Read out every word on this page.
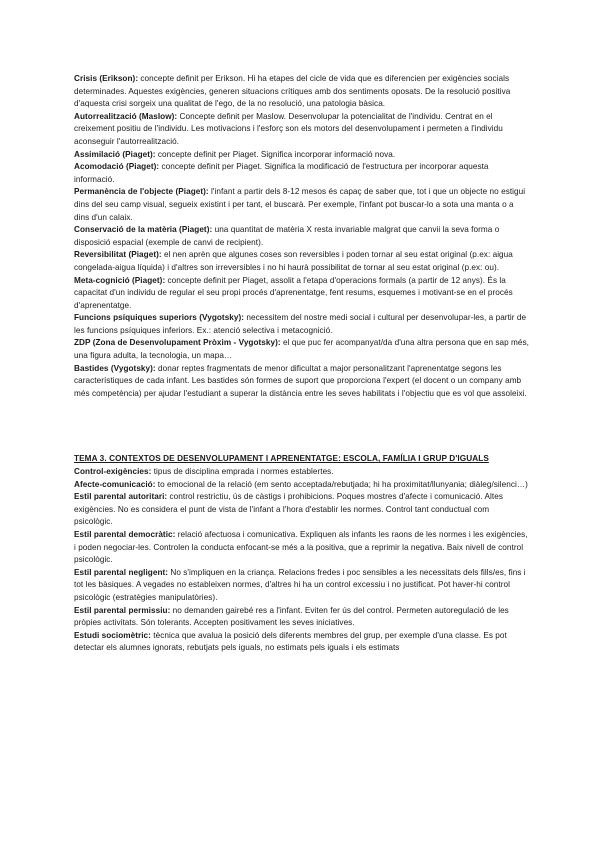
Crisis (Erikson): concepte definit per Erikson. Hi ha etapes del cicle de vida que es diferencien per exigències socials determinades. Aquestes exigències, generen situacions crítiques amb dos sentiments oposats. De la resolució positiva d'aquesta crisi sorgeix una qualitat de l'ego, de la no resolució, una patologia bàsica.

Autorrealització (Maslow): Concepte definit per Maslow. Desenvolupar la potencialitat de l'individu. Centrat en el creixement positiu de l'individu. Les motivacions i l'esforç son els motors del desenvolupament i permeten a l'individu aconseguir l'autorrealització.

Assimilació (Piaget): concepte definit per Piaget. Significa incorporar informació nova.

Acomodació (Piaget): concepte definit per Piaget. Significa la modificació de l'estructura per incorporar aquesta informació.

Permanència de l'objecte (Piaget): l'infant a partir dels 8-12 mesos és capaç de saber que, tot i que un objecte no estigui dins del seu camp visual, segueix existint i per tant, el buscarà. Per exemple, l'infant pot buscar-lo a sota una manta o a dins d'un calaix.

Conservació de la matèria (Piaget): una quantitat de matèria X resta invariable malgrat que canvii la seva forma o disposició espacial (exemple de canvi de recipient).

Reversibilitat (Piaget): el nen aprèn que algunes coses son reversibles i poden tornar al seu estat original (p.ex: aigua congelada-aigua líquida) i d'altres son irreversibles i no hi haurà possibilitat de tornar al seu estat original (p.ex: ou).

Meta-cognició (Piaget): concepte definit per Piaget, assolit a l'etapa d'operacions formals (a partir de 12 anys). És la capacitat d'un individu de regular el seu propi procés d'aprenentatge, fent resums, esquemes i motivant-se en el procés d'aprenentatge.

Funcions psíquiques superiors (Vygotsky): necessitem del nostre medi social i cultural per desenvolupar-les, a partir de les funcions psíquiques inferiors. Ex.: atenció selectiva i metacognició.

ZDP (Zona de Desenvolupament Pròxim - Vygotsky): el que puc fer acompanyat/da d'una altra persona que en sap més, una figura adulta, la tecnologia, un mapa…

Bastides (Vygotsky): donar reptes fragmentats de menor dificultat a major personalitzant l'aprenentatge segons les característiques de cada infant. Les bastides són formes de suport que proporciona l'expert (el docent o un company amb més competència) per ajudar l'estudiant a superar la distància entre les seves habilitats i l'objectiu que es vol que assoleixi.

TEMA 3. CONTEXTOS DE DESENVOLUPAMENT I APRENENTATGE: ESCOLA, FAMÍLIA I GRUP D'IGUALS

Control-exigències: tipus de disciplina emprada i normes establertes.

Afecte-comunicació: to emocional de la relació (em sento acceptada/rebutjada; hi ha proximitat/llunyania; diàleg/silenci…)

Estil parental autoritari: control restrictiu, ús de càstigs i prohibicions. Poques mostres d'afecte i comunicació. Altes exigències. No es considera el punt de vista de l'infant a l'hora d'establir les normes. Control tant conductual com psicològic.

Estil parental democràtic: relació afectuosa i comunicativa. Expliquen als infants les raons de les normes i les exigències, i poden negociar-les. Controlen la conducta enfocant-se més a la positiva, que a reprimir la negativa. Baix nivell de control psicològic.

Estil parental negligent: No s'impliquen en la criança. Relacions fredes i poc sensibles a les necessitats dels fills/es, fins i tot les bàsiques. A vegades no estableixen normes, d'altres hi ha un control excessiu i no justificat. Pot haver-hi control psicològic (estratègies manipulatòries).

Estil parental permissiu: no demanden gairebé res a l'infant. Eviten fer ús del control. Permeten autoregulació de les pròpies activitats. Són tolerants. Accepten positivament les seves iniciatives.

Estudi sociomètric: tècnica que avalua la posició dels diferents membres del grup, per exemple d'una classe. Es pot detectar els alumnes ignorats, rebutjats pels iguals, no estimats pels iguals i els estimats
